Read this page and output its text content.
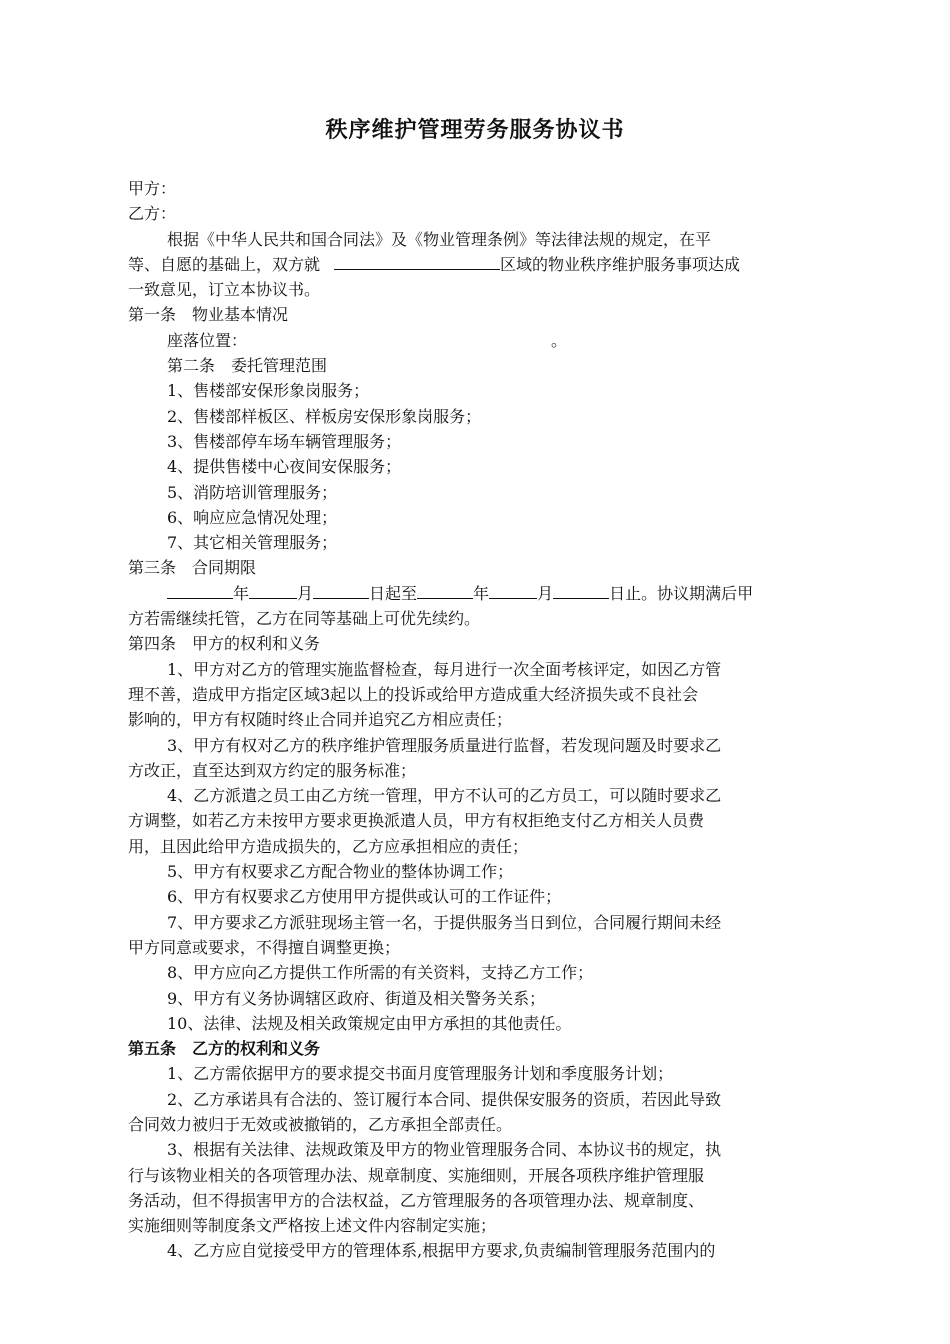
秩序维护管理劳务服务协议书
甲方：
乙方：
根据《中华人民共和国合同法》及《物业管理条例》等法律法规的规定，在平
等、自愿的基础上，双方就	区域的物业秩序维护服务事项达成
一致意见，订立本协议书。
第一条　物业基本情况
座落位置：	。
第二条　委托管理范围
1、售楼部安保形象岗服务；
2、售楼部样板区、样板房安保形象岗服务；
3、售楼部停车场车辆管理服务；
4、提供售楼中心夜间安保服务；
5、消防培训管理服务；
6、响应应急情况处理；
7、其它相关管理服务；
第三条　合同期限
年	月	日起至	年	月	日止。协议期满后甲
方若需继续托管，乙方在同等基础上可优先续约。
第四条　甲方的权利和义务
1、甲方对乙方的管理实施监督检查，每月进行一次全面考核评定，如因乙方管
理不善，造成甲方指定区域3起以上的投诉或给甲方造成重大经济损失或不良社会
影响的，甲方有权随时终止合同并追究乙方相应责任；
3、甲方有权对乙方的秩序维护管理服务质量进行监督，若发现问题及时要求乙
方改正，直至达到双方约定的服务标准；
4、乙方派遣之员工由乙方统一管理，甲方不认可的乙方员工，可以随时要求乙
方调整，如若乙方未按甲方要求更换派遣人员，甲方有权拒绝支付乙方相关人员费
用，且因此给甲方造成损失的，乙方应承担相应的责任；
5、甲方有权要求乙方配合物业的整体协调工作；
6、甲方有权要求乙方使用甲方提供或认可的工作证件；
7、甲方要求乙方派驻现场主管一名，于提供服务当日到位，合同履行期间未经
甲方同意或要求，不得擅自调整更换；
8、甲方应向乙方提供工作所需的有关资料，支持乙方工作；
9、甲方有义务协调辖区政府、街道及相关警务关系；
10、法律、法规及相关政策规定由甲方承担的其他责任。
第五条　乙方的权利和义务
1、乙方需依据甲方的要求提交书面月度管理服务计划和季度服务计划；
2、乙方承诺具有合法的、签订履行本合同、提供保安服务的资质，若因此导致
合同效力被归于无效或被撤销的，乙方承担全部责任。
3、根据有关法律、法规政策及甲方的物业管理服务合同、本协议书的规定，执
行与该物业相关的各项管理办法、规章制度、实施细则，开展各项秩序维护管理服
务活动，但不得损害甲方的合法权益，乙方管理服务的各项管理办法、规章制度、
实施细则等制度条文严格按上述文件内容制定实施；
4、乙方应自觉接受甲方的管理体系,根据甲方要求,负责编制管理服务范围内的
